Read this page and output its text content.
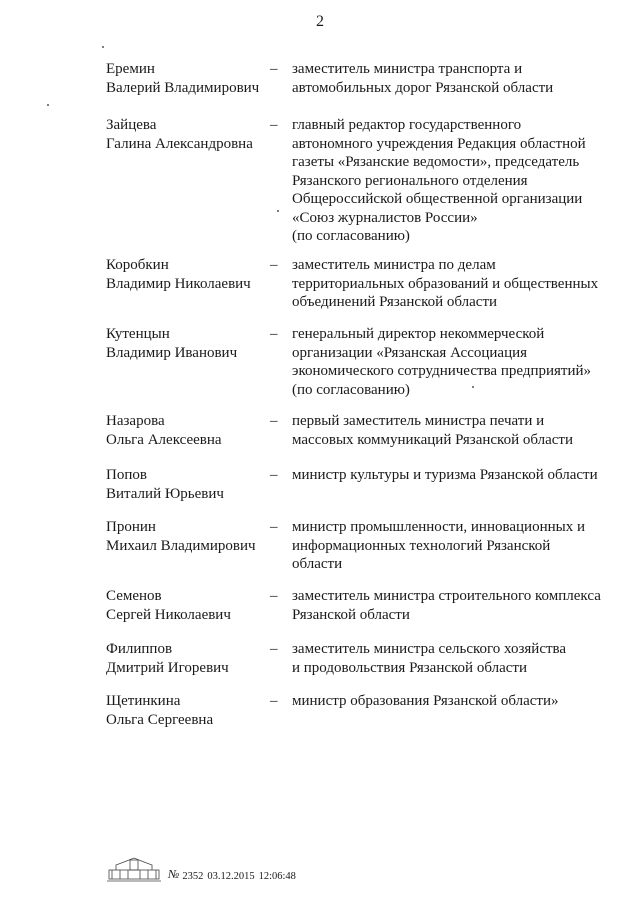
2
Еремин
Валерий Владимирович
– заместитель министра транспорта и
автомобильных дорог Рязанской области
Зайцева
Галина Александровна
– главный редактор государственного
автономного учреждения Редакция областной
газеты «Рязанские ведомости», председатель
Рязанского регионального отделения
Общероссийской общественной организации
«Союз журналистов России»
(по согласованию)
Коробкин
Владимир Николаевич
– заместитель министра по делам
территориальных образований и общественных
объединений Рязанской области
Кутенцын
Владимир Иванович
– генеральный директор некоммерческой
организации «Рязанская Ассоциация
экономического сотрудничества предприятий»
(по согласованию)
Назарова
Ольга Алексеевна
– первый заместитель министра печати и
массовых коммуникаций Рязанской области
Попов
Виталий Юрьевич
– министр культуры и туризма Рязанской области
Пронин
Михаил Владимирович
– министр промышленности, инновационных и
информационных технологий Рязанской
области
Семенов
Сергей Николаевич
– заместитель министра строительного комплекса
Рязанской области
Филиппов
Дмитрий Игоревич
– заместитель министра сельского хозяйства
и продовольствия Рязанской области
Щетинкина
Ольга Сергеевна
– министр образования Рязанской области»
№ 2352 03.12.2015 12:06:48
